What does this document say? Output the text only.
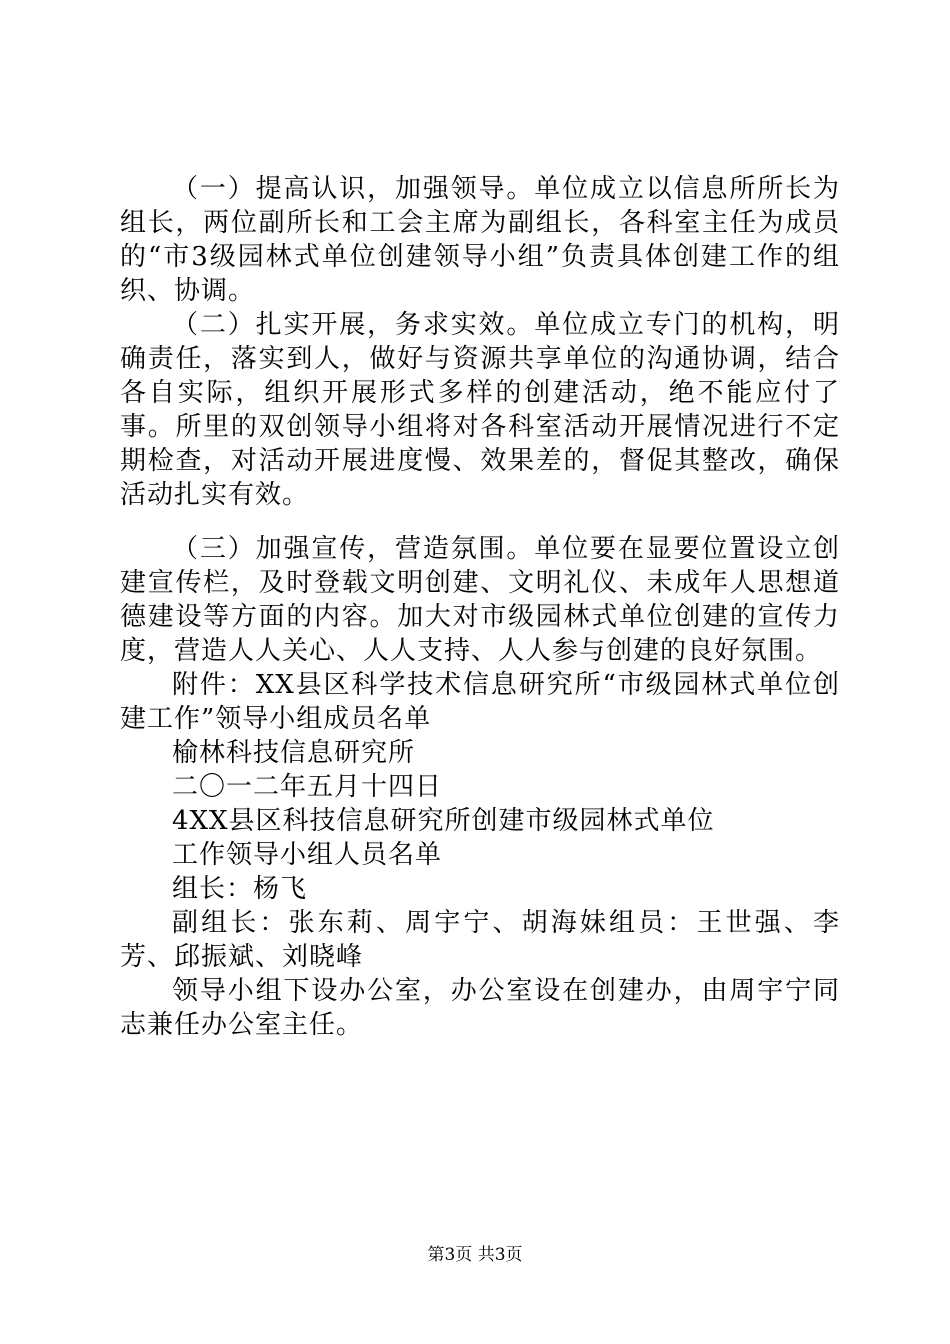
（一）提高认识，加强领导。单位成立以信息所所长为组长，两位副所长和工会主席为副组长，各科室主任为成员的“市3级园林式单位创建领导小组”负责具体创建工作的组织、协调。

（二）扎实开展，务求实效。单位成立专门的机构，明确责任，落实到人，做好与资源共享单位的沟通协调，结合各自实际，组织开展形式多样的创建活动，绝不能应付了事。所里的双创领导小组将对各科室活动开展情况进行不定期检查，对活动开展进度慢、效果差的，督促其整改，确保活动扎实有效。

（三）加强宣传，营造氛围。单位要在显要位置设立创建宣传栏，及时登载文明创建、文明礼仪、未成年人思想道德建设等方面的内容。加大对市级园林式单位创建的宣传力度，营造人人关心、人人支持、人人参与创建的良好氛围。

附件：XX县区科学技术信息研究所“市级园林式单位创建工作”领导小组成员名单

榆林科技信息研究所

二〇一二年五月十四日

4XX县区科技信息研究所创建市级园林式单位

工作领导小组人员名单

组长：杨飞

副组长：张东莉、周宇宁、胡海妹组员：王世强、李芳、邱振斌、刘晓峰

领导小组下设办公室，办公室设在创建办，由周宇宁同志兼任办公室主任。

第3页 共3页
